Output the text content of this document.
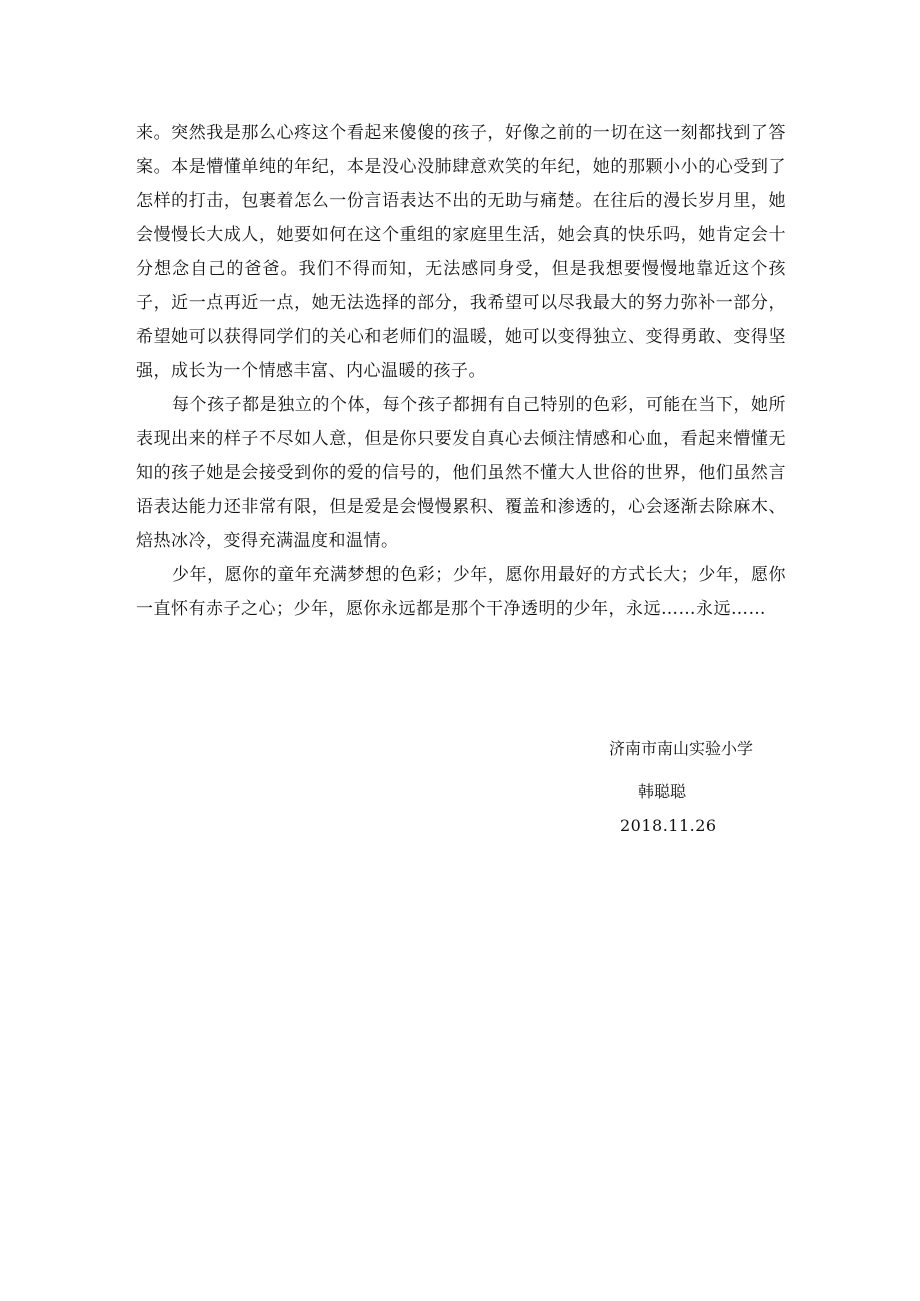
来。突然我是那么心疼这个看起来傻傻的孩子，好像之前的一切在这一刻都找到了答案。本是懵懂单纯的年纪，本是没心没肺肆意欢笑的年纪，她的那颗小小的心受到了怎样的打击，包裹着怎么一份言语表达不出的无助与痛楚。在往后的漫长岁月里，她会慢慢长大成人，她要如何在这个重组的家庭里生活，她会真的快乐吗，她肯定会十分想念自己的爸爸。我们不得而知，无法感同身受，但是我想要慢慢地靠近这个孩子，近一点再近一点，她无法选择的部分，我希望可以尽我最大的努力弥补一部分，希望她可以获得同学们的关心和老师们的温暖，她可以变得独立、变得勇敢、变得坚强，成长为一个情感丰富、内心温暖的孩子。

每个孩子都是独立的个体，每个孩子都拥有自己特别的色彩，可能在当下，她所表现出来的样子不尽如人意，但是你只要发自真心去倾注情感和心血，看起来懵懂无知的孩子她是会接受到你的爱的信号的，他们虽然不懂大人世俗的世界，他们虽然言语表达能力还非常有限，但是爱是会慢慢累积、覆盖和渗透的，心会逐渐去除麻木、焙热冰冷，变得充满温度和温情。

少年，愿你的童年充满梦想的色彩；少年，愿你用最好的方式长大；少年，愿你一直怀有赤子之心；少年，愿你永远都是那个干净透明的少年，永远……永远……

济南市南山实验小学
韩聪聪
2018.11.26
